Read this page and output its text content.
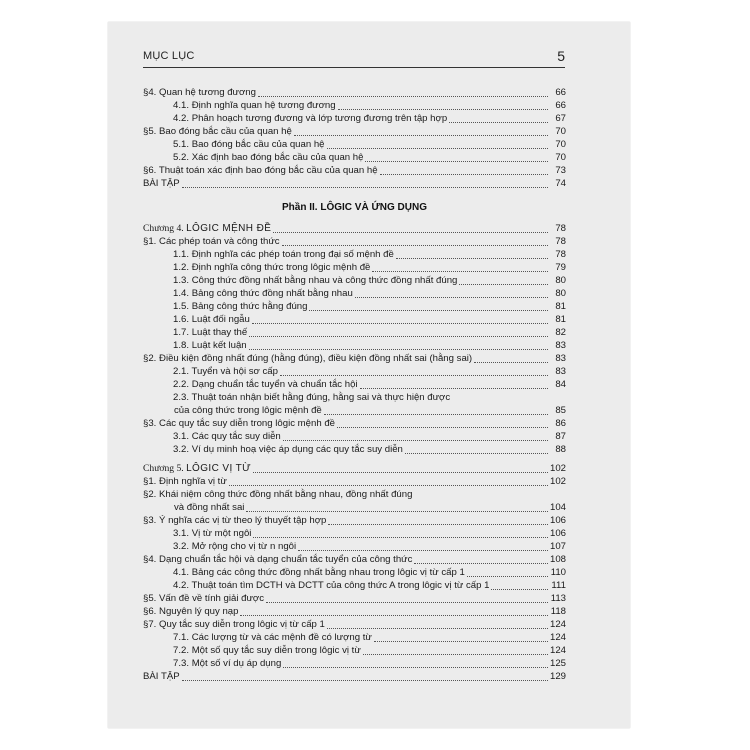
MỤC LỤC	5
§4. Quan hệ tương đương	66
4.1. Định nghĩa quan hệ tương đương	66
4.2. Phân hoạch tương đương và lớp tương đương trên tập hợp	67
§5. Bao đóng bắc cầu của quan hệ	70
5.1. Bao đóng bắc cầu của quan hệ	70
5.2. Xác định bao đóng bắc cầu của quan hệ	70
§6. Thuật toán xác định bao đóng bắc cầu của quan hệ	73
BÀI TẬP	74
Phần II. LÔGIC VÀ ỨNG DỤNG
Chương 4. LÔGIC MỆNH ĐỀ	78
§1. Các phép toán và công thức	78
1.1. Định nghĩa các phép toán trong đại số mệnh đề	78
1.2. Định nghĩa công thức trong lôgic mệnh đề	79
1.3. Công thức đồng nhất bằng nhau và công thức đồng nhất đúng	80
1.4. Bảng công thức đồng nhất bằng nhau	80
1.5. Bảng công thức hằng đúng	81
1.6. Luật đối ngẫu	81
1.7. Luật thay thế	82
1.8. Luật kết luận	83
§2. Điều kiện đồng nhất đúng (hằng đúng), điều kiện đồng nhất sai (hằng sai)	83
2.1. Tuyển và hội sơ cấp	83
2.2. Dạng chuẩn tắc tuyển và chuẩn tắc hội	84
2.3. Thuật toán nhận biết hằng đúng, hằng sai và thực hiện được
của công thức trong lôgic mệnh đề	85
§3. Các quy tắc suy diễn trong lôgic mệnh đề	86
3.1. Các quy tắc suy diễn	87
3.2. Ví dụ minh hoạ việc áp dụng các quy tắc suy diễn	88
Chương 5. LÔGIC VỊ TỪ	102
§1. Định nghĩa vị từ	102
§2. Khái niệm công thức đồng nhất bằng nhau, đồng nhất đúng
và đồng nhất sai	104
§3. Ý nghĩa các vị từ theo lý thuyết tập hợp	106
3.1. Vị từ một ngôi	106
3.2. Mở rộng cho vị từ n ngôi	107
§4. Dạng chuẩn tắc hội và dạng chuẩn tắc tuyển của công thức	108
4.1. Bảng các công thức đồng nhất bằng nhau trong lôgic vị từ cấp 1	110
4.2. Thuật toán tìm DCTH và DCTT của công thức A trong lôgic vị từ cấp 1	111
§5. Vấn đề về tính giải được	113
§6. Nguyên lý quy nạp	118
§7. Quy tắc suy diễn trong lôgic vị từ cấp 1	124
7.1. Các lượng từ và các mệnh đề có lượng từ	124
7.2. Một số quy tắc suy diễn trong lôgic vị từ	124
7.3. Một số ví dụ áp dụng	125
BÀI TẬP	129
